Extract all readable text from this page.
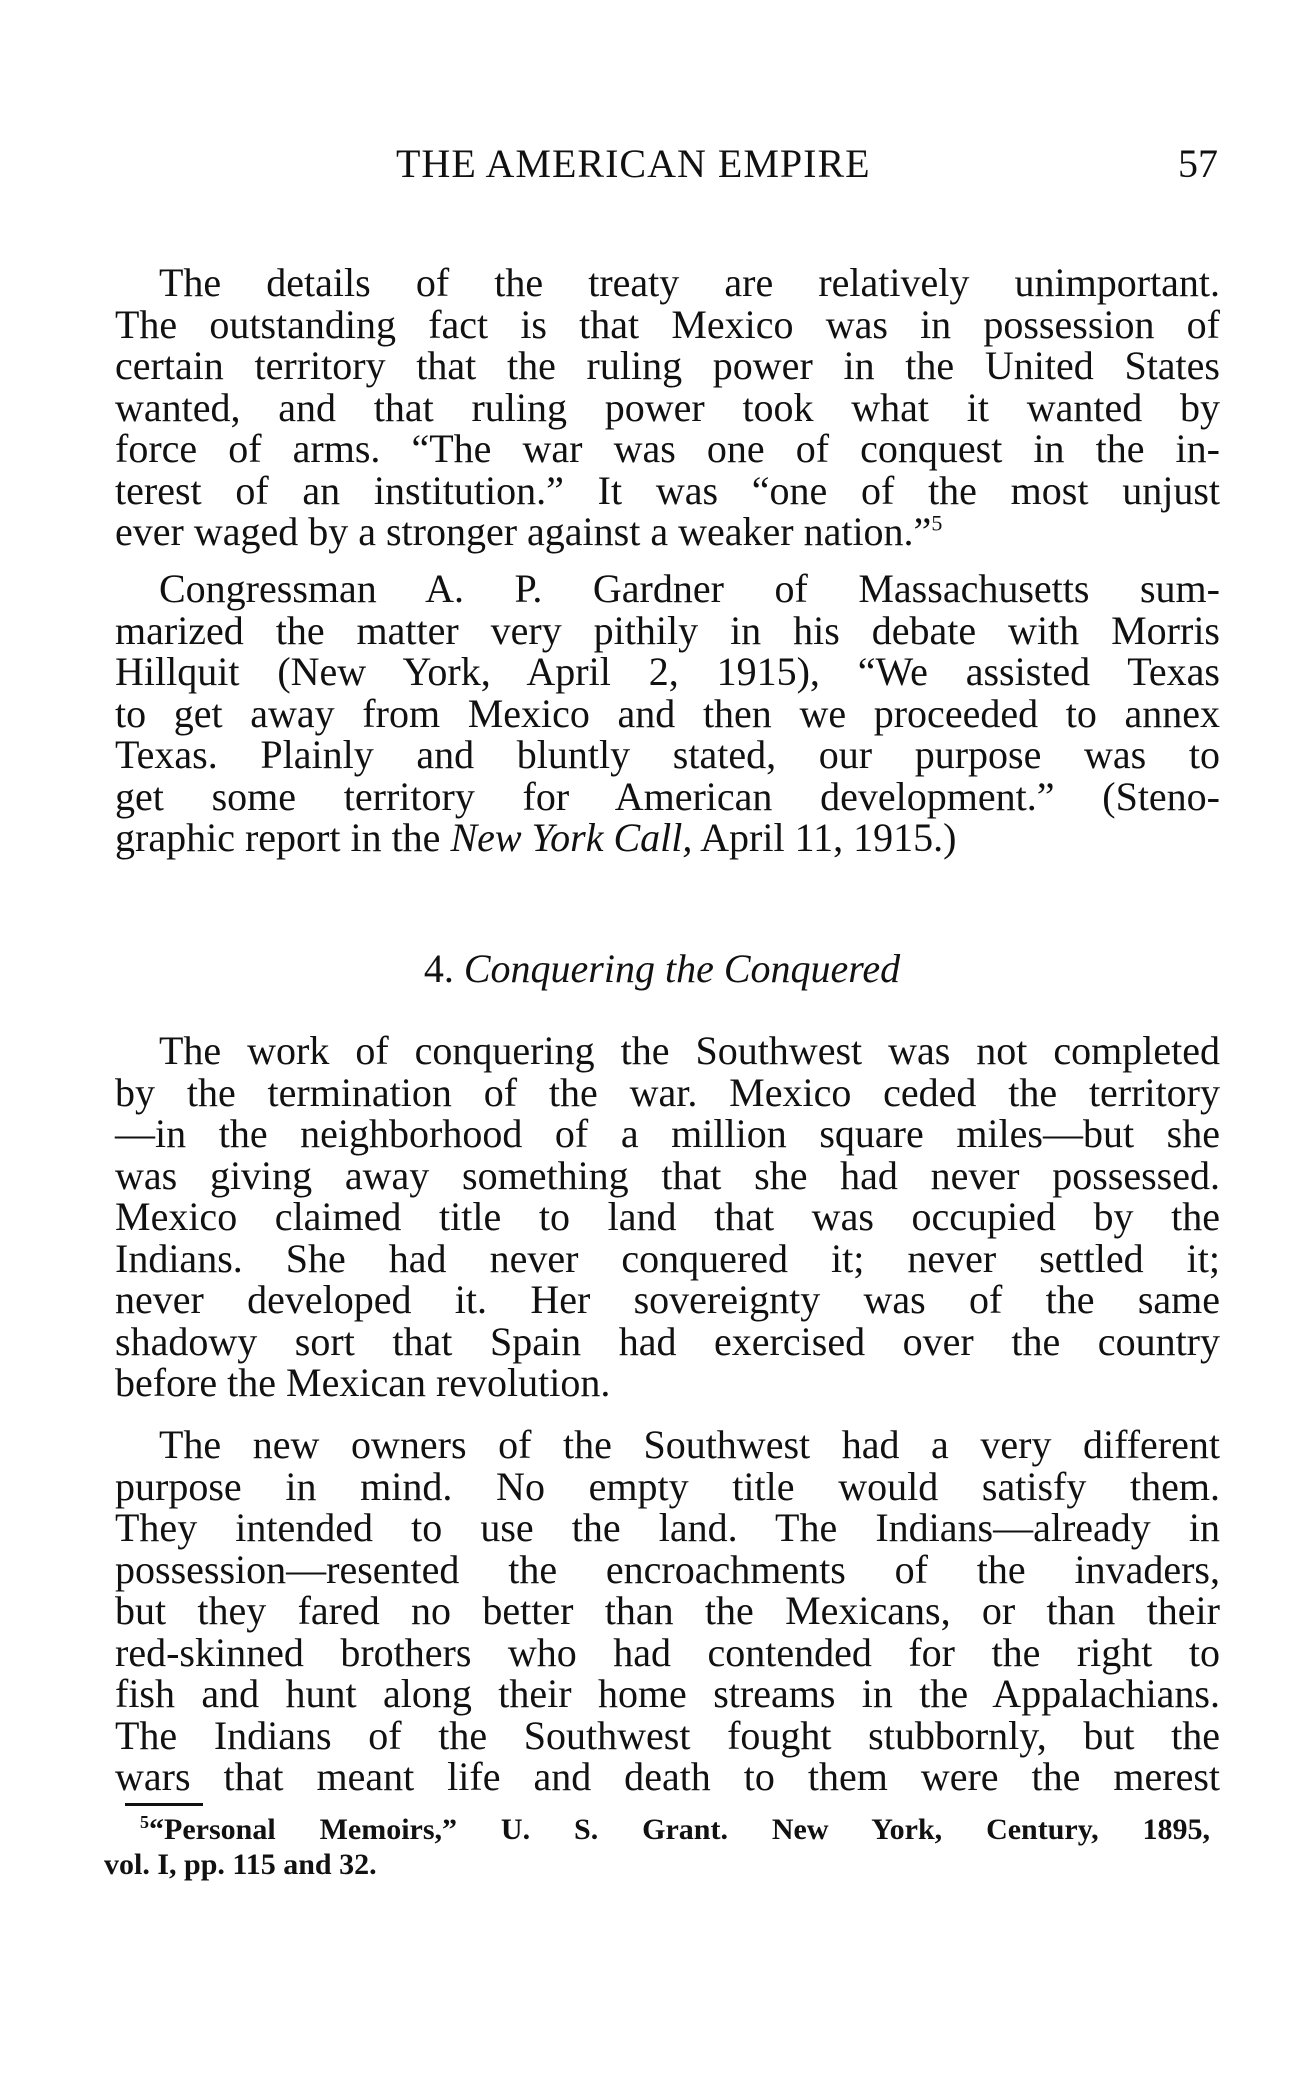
THE AMERICAN EMPIRE	57
The details of the treaty are relatively unimportant.
The outstanding fact is that Mexico was in possession of
certain territory that the ruling power in the United States
wanted, and that ruling power took what it wanted by
force of arms. “The war was one of conquest in the in-
terest of an institution.” It was “one of the most unjust
ever waged by a stronger against a weaker nation.”$^5$
Congressman A. P. Gardner of Massachusetts sum-
marized the matter very pithily in his debate with Morris
Hillquit (New York, April 2, 1915), “We assisted Texas
to get away from Mexico and then we proceeded to annex
Texas. Plainly and bluntly stated, our purpose was to
get some territory for American development.” (Steno-
graphic report in the New York Call, April 11, 1915.)
4. Conquering the Conquered
The work of conquering the Southwest was not completed
by the termination of the war. Mexico ceded the territory
—in the neighborhood of a million square miles—but she
was giving away something that she had never possessed.
Mexico claimed title to land that was occupied by the
Indians. She had never conquered it; never settled it;
never developed it. Her sovereignty was of the same
shadowy sort that Spain had exercised over the country
before the Mexican revolution.
The new owners of the Southwest had a very different
purpose in mind. No empty title would satisfy them.
They intended to use the land. The Indians—already in
possession—resented the encroachments of the invaders,
but they fared no better than the Mexicans, or than their
red-skinned brothers who had contended for the right to
fish and hunt along their home streams in the Appalachians.
The Indians of the Southwest fought stubbornly, but the
wars that meant life and death to them were the merest
$^5$“Personal Memoirs,” U. S. Grant. New York, Century, 1895,
vol. I, pp. 115 and 32.
